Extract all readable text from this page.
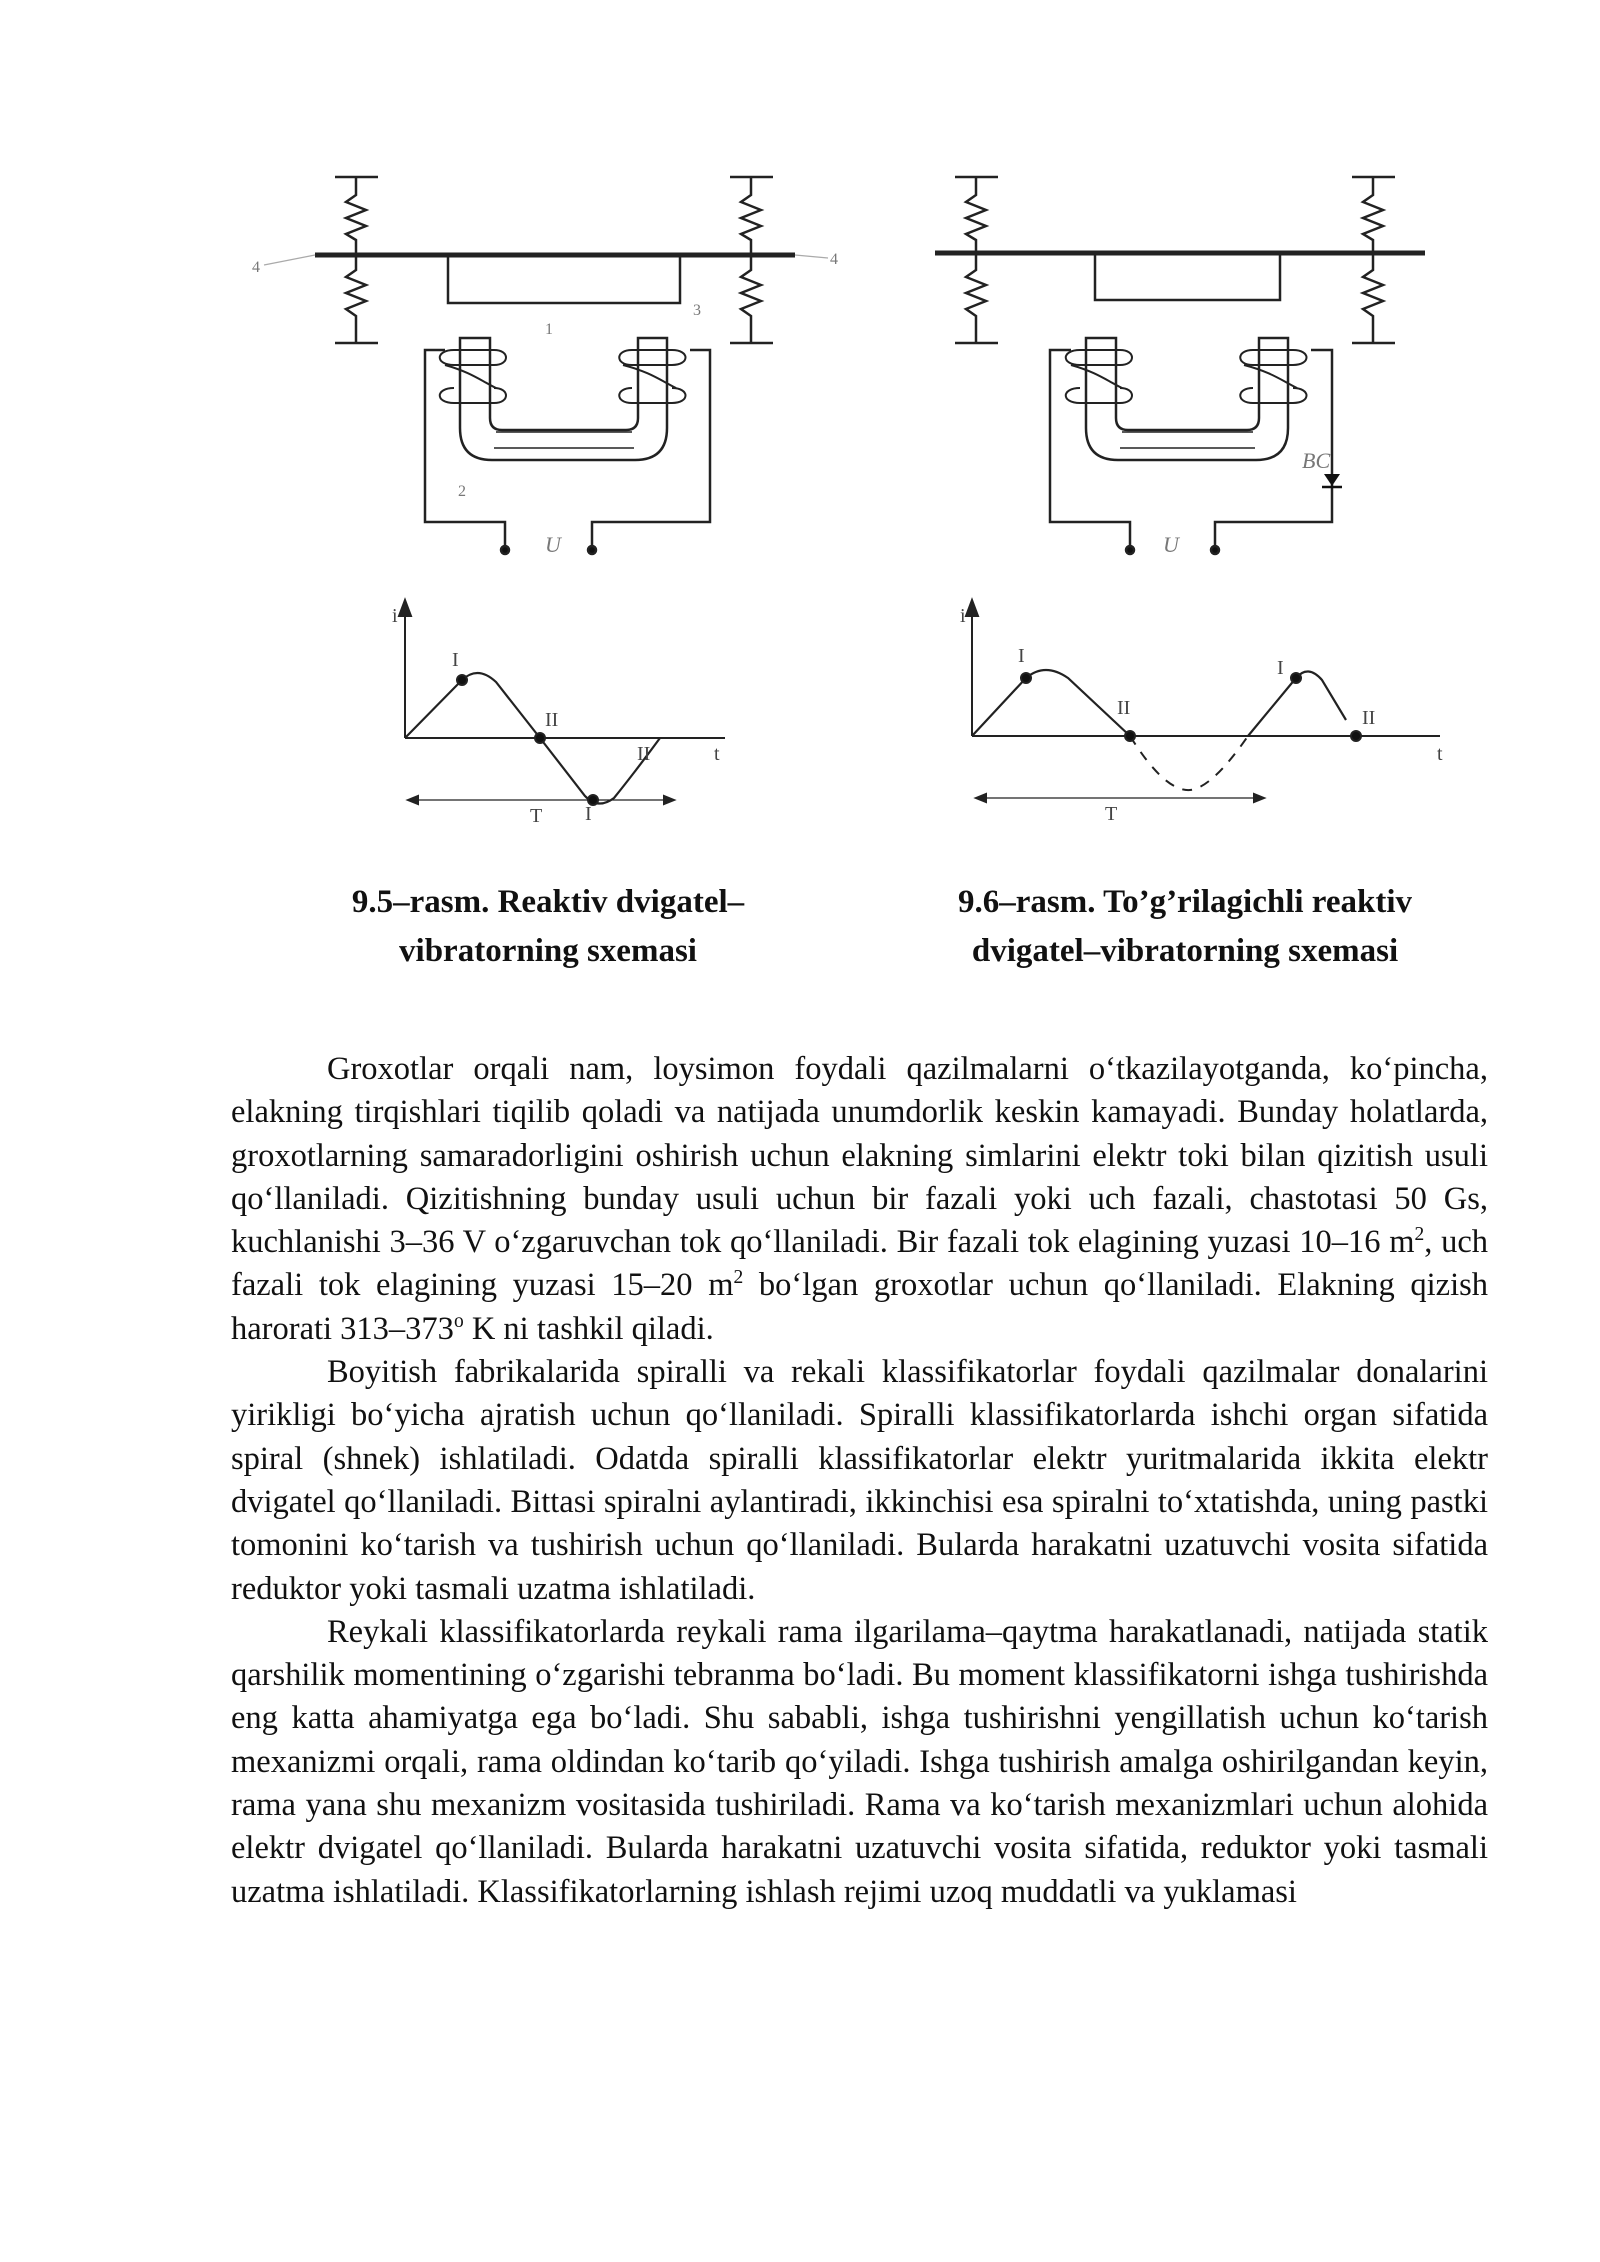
4	4
3
1
2
U
i
t
I
II
II
I
T
BC
U
i
t
I
II
I
II
T
9.5–rasm. Reaktiv dvigatel–
vibratorning sxemasi
9.6–rasm. To’g’rilagichli reaktiv
dvigatel–vibratorning sxemasi

Groxotlar orqali nam, loysimon foydali qazilmalarni o‘tkazilayotganda, ko‘pincha, elakning tirqishlari tiqilib qoladi va natijada unumdorlik keskin kamayadi. Bunday holatlarda, groxotlarning samaradorligini oshirish uchun elakning simlarini elektr toki bilan qizitish usuli qo‘llaniladi. Qizitishning bunday usuli uchun bir fazali yoki uch fazali, chastotasi 50 Gs, kuchlanishi 3–36 V o‘zgaruvchan tok qo‘llaniladi. Bir fazali tok elagining yuzasi 10–16 $m^2$, uch fazali tok elagining yuzasi 15–20 $m^2$ bo‘lgan groxotlar uchun qo‘llaniladi. Elakning qizish harorati 313–373$^o$ K ni tashkil qiladi.

Boyitish fabrikalarida spiralli va rekali klassifikatorlar foydali qazilmalar donalarini yirikligi bo‘yicha ajratish uchun qo‘llaniladi. Spiralli klassifikatorlarda ishchi organ sifatida spiral (shnek) ishlatiladi. Odatda spiralli klassifikatorlar elektr yuritmalarida ikkita elektr dvigatel qo‘llaniladi. Bittasi spiralni aylantiradi, ikkinchisi esa spiralni to‘xtatishda, uning pastki tomonini ko‘tarish va tushirish uchun qo‘llaniladi. Bularda harakatni uzatuvchi vosita sifatida reduktor yoki tasmali uzatma ishlatiladi.

Reykali klassifikatorlarda reykali rama ilgarilama–qaytma harakatlanadi, natijada statik qarshilik momentining o‘zgarishi tebranma bo‘ladi. Bu moment klassifikatorni ishga tushirishda eng katta ahamiyatga ega bo‘ladi. Shu sababli, ishga tushirishni yengillatish uchun ko‘tarish mexanizmi orqali, rama oldindan ko‘tarib qo‘yiladi. Ishga tushirish amalga oshirilgandan keyin, rama yana shu mexanizm vositasida tushiriladi. Rama va ko‘tarish mexanizmlari uchun alohida elektr dvigatel qo‘llaniladi. Bularda harakatni uzatuvchi vosita sifatida, reduktor yoki tasmali uzatma ishlatiladi. Klassifikatorlarning ishlash rejimi uzoq muddatli va yuklamasi
